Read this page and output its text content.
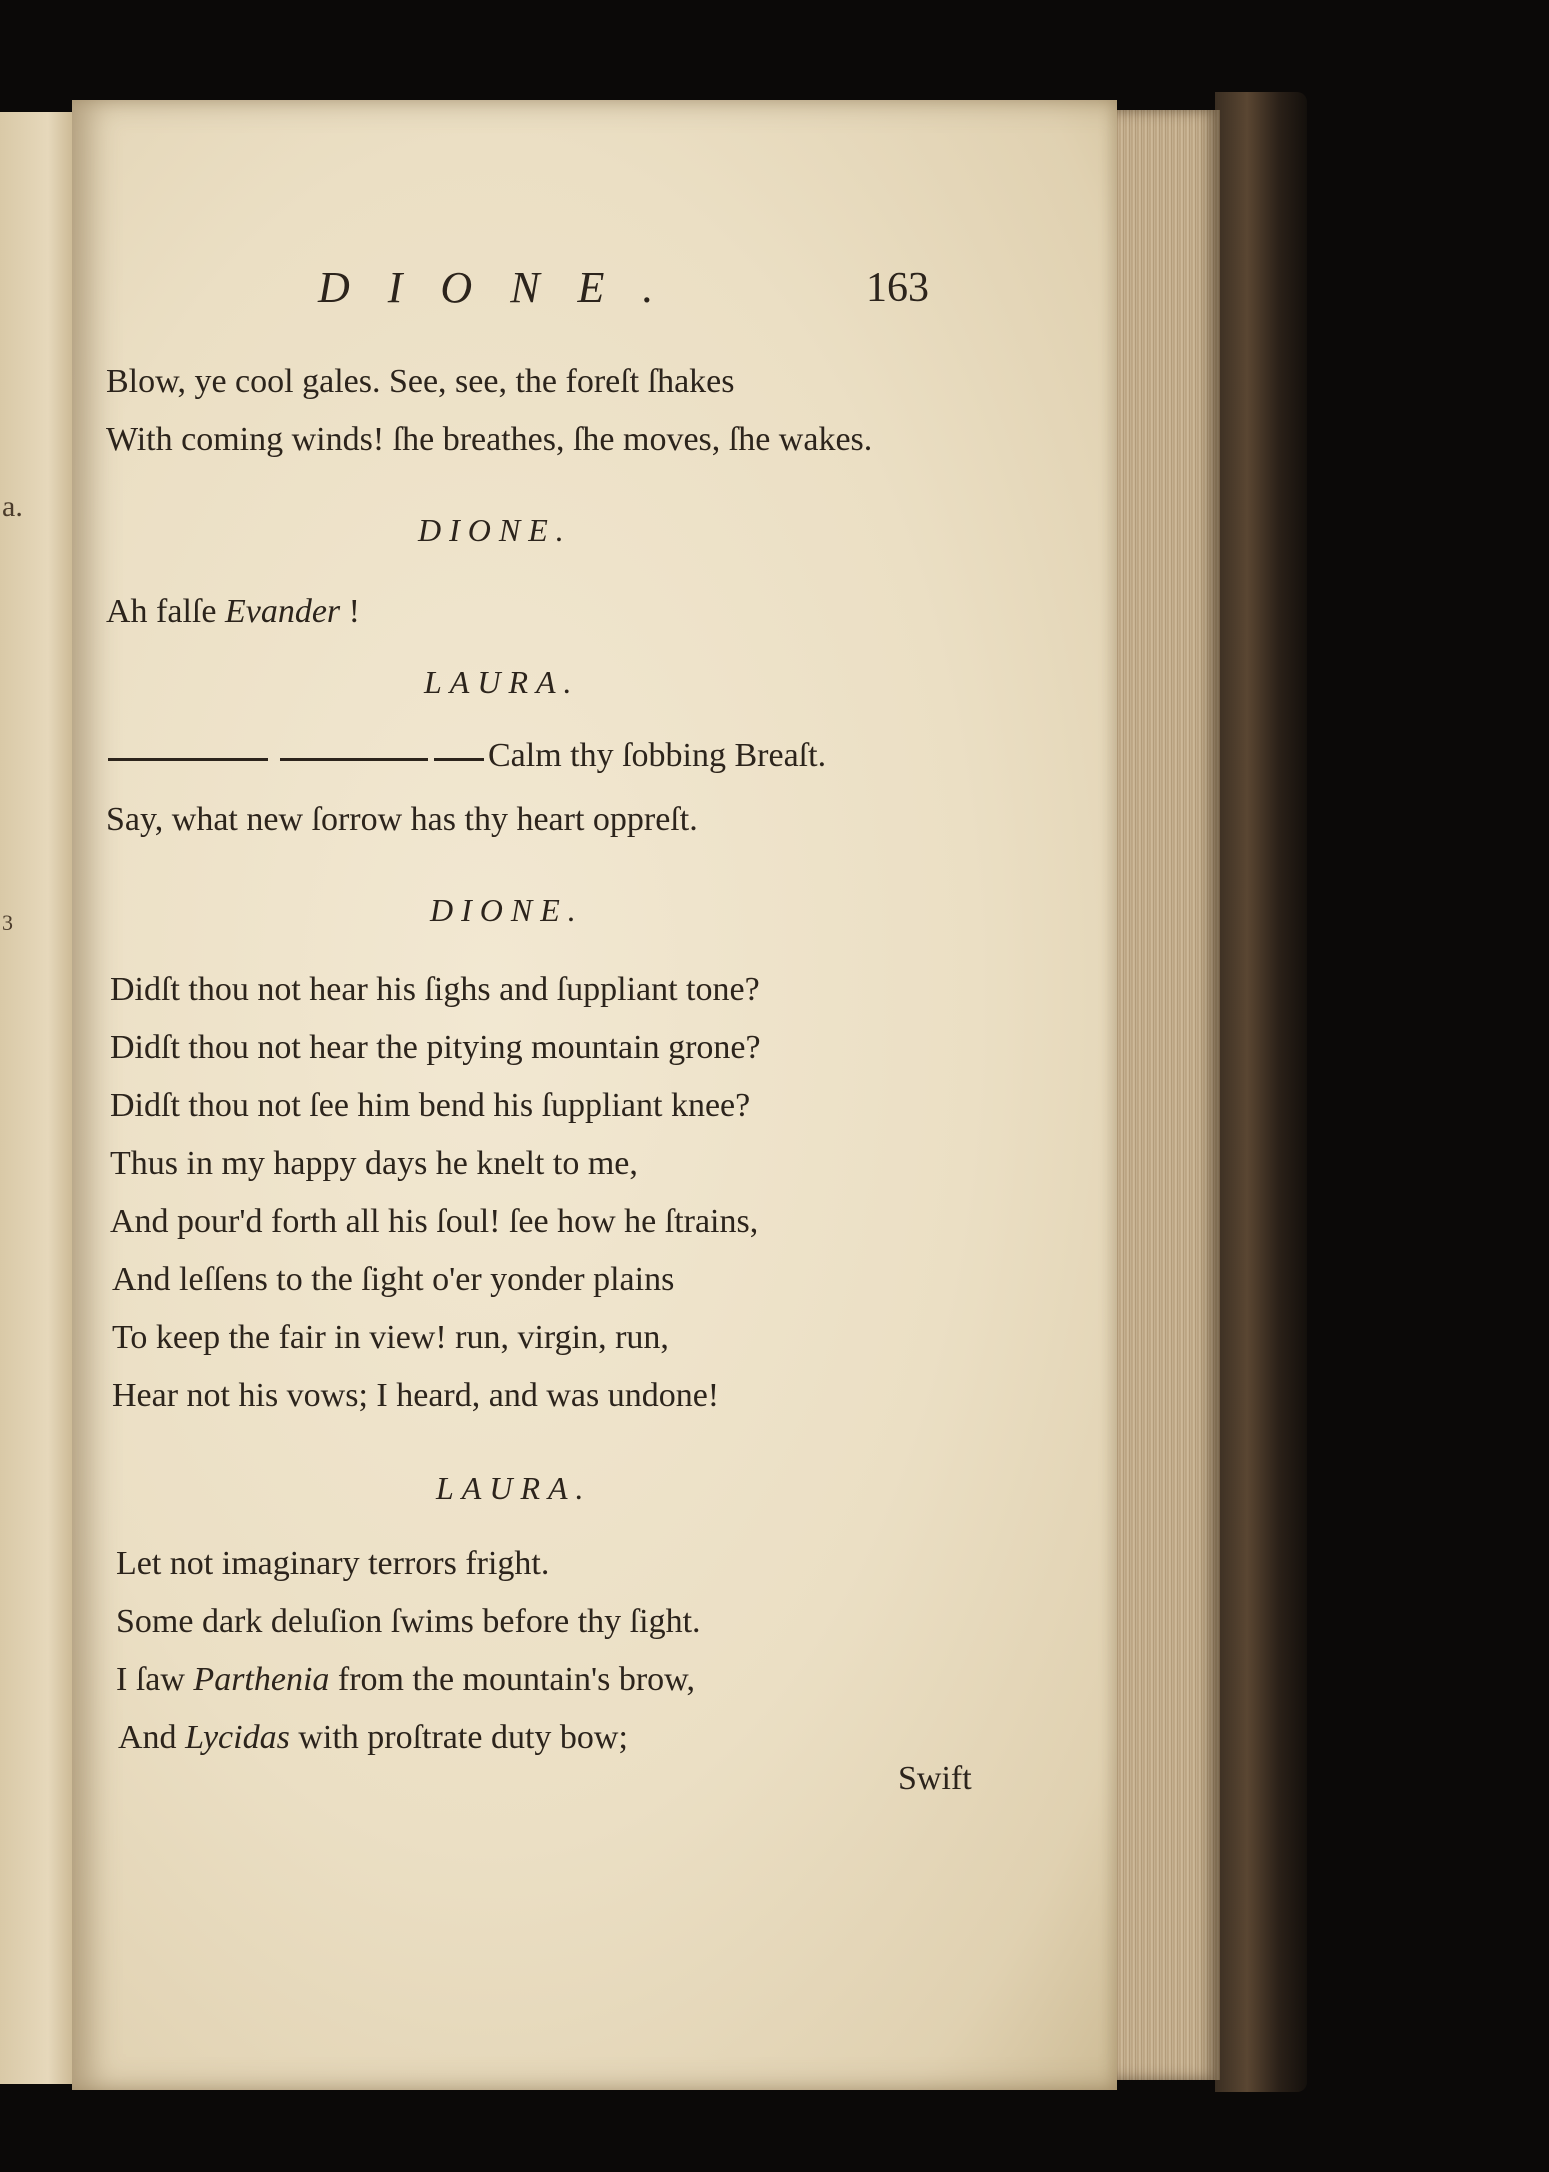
a.
3
DIONE.	163
Blow, ye cool gales. See, see, the foreſt ſhakes
With coming winds! ſhe breathes, ſhe moves, ſhe wakes.
DIONE.
Ah falſe Evander !
LAURA.
Calm thy ſobbing Breaſt.
Say, what new ſorrow has thy heart oppreſt.
DIONE.
Didſt thou not hear his ſighs and ſuppliant tone?
Didſt thou not hear the pitying mountain grone?
Didſt thou not ſee him bend his ſuppliant knee?
Thus in my happy days he knelt to me,
And pour'd forth all his ſoul! ſee how he ſtrains,
And leſſens to the ſight o'er yonder plains
To keep the fair in view! run, virgin, run,
Hear not his vows; I heard, and was undone!
LAURA.
Let not imaginary terrors fright.
Some dark deluſion ſwims before thy ſight.
I ſaw Parthenia from the mountain's brow,
And Lycidas with proſtrate duty bow;
Swift
